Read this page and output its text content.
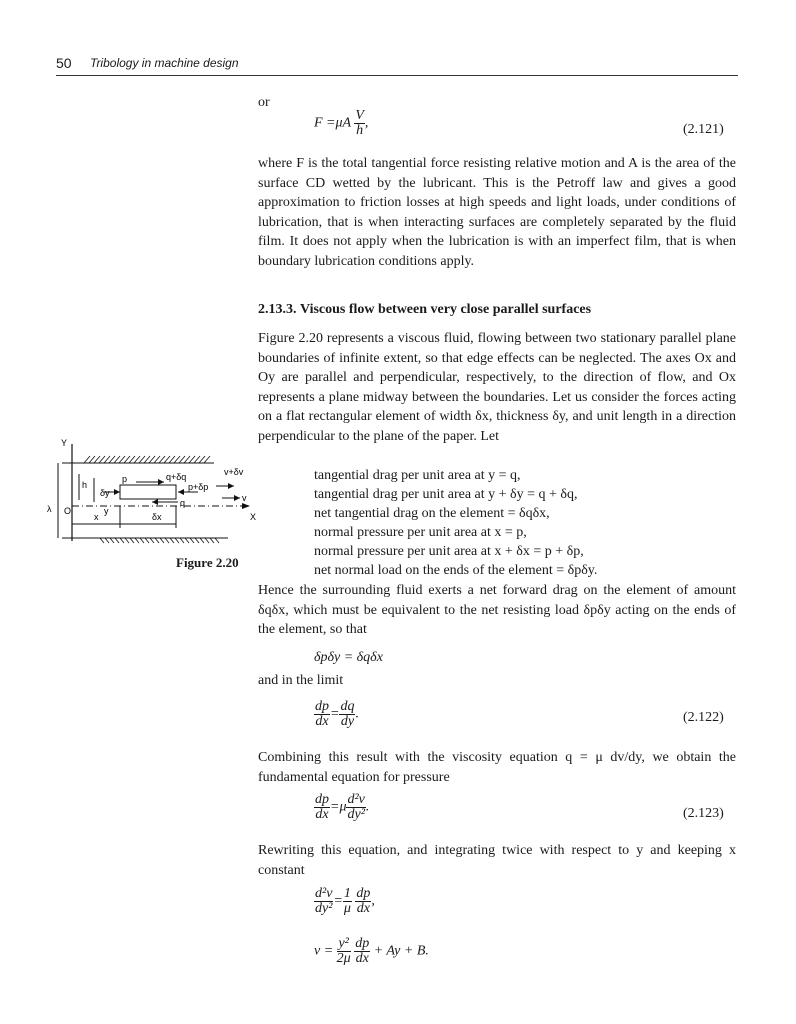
50 Tribology in machine design
or
$F =\mu A \frac{V}{h}$ ,	(2.121)
where F is the total tangential force resisting relative motion and A is the area of the surface CD wetted by the lubricant. This is the Petroff law and gives a good approximation to friction losses at high speeds and light loads, under conditions of lubrication, that is when interacting surfaces are completely separated by the fluid film. It does not apply when the lubrication is with an imperfect film, that is when boundary lubrication conditions apply.
2.13.3. Viscous flow between very close parallel surfaces
Figure 2.20 represents a viscous fluid, flowing between two stationary parallel plane boundaries of infinite extent, so that edge effects can be neglected. The axes Ox and Oy are parallel and perpendicular, respectively, to the direction of flow, and Ox represents a plane midway between the boundaries. Let us consider the forces acting on a flat rectangular element of width δx, thickness δy, and unit length in a direction perpendicular to the plane of the paper. Let
tangential drag per unit area at y = q,
tangential drag per unit area at y + δy = q + δq,
net tangential drag on the element = δqδx,
normal pressure per unit area at x = p,
normal pressure per unit area at x + δx = p + δp,
net normal load on the ends of the element = δpδy.
Y
λ
h
O
X
δy
y
p	q+δq
q
p+δp
v+δv
v
x	δx
Figure 2.20
Hence the surrounding fluid exerts a net forward drag on the element of amount δqδx, which must be equivalent to the net resisting load δpδy acting on the ends of the element, so that
δpδy = δqδx
and in the limit
$\frac{dp}{dx} = \frac{dq}{dy}$ .	(2.122)
Combining this result with the viscosity equation q = μ dv/dy, we obtain the fundamental equation for pressure
$\frac{dp}{dx} =\mu \frac{\text{d²v}}{\text{dy²}}$ .	(2.123)
Rewriting this equation, and integrating twice with respect to y and keeping x constant
$\frac{\text{d²v}}{\text{dy²}} = \frac{1}{\mu}$
$\frac{dp}{dx}$ ,
$v = \frac{\text{y²}}{2\mu}$
$\frac{dp}{dx} + Ay + B$.
